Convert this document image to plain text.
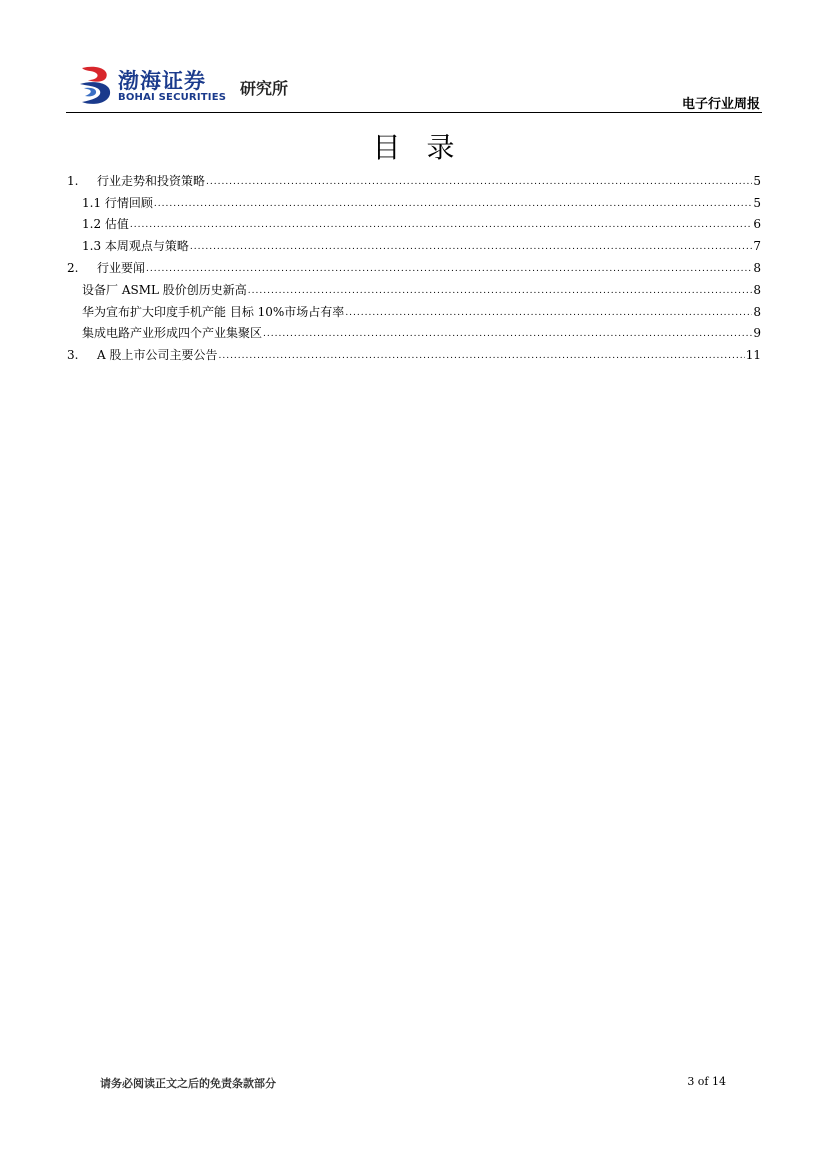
渤海证券
BOHAI SECURITIES 研究所
电子行业周报
目录
1.	行业走势和投资策略 .....	5
1.1 行情回顾 .....	5
1.2 估值 .....	6
1.3 本周观点与策略 .....	7
2.	行业要闻 .....	8
设备厂 ASML 股价创历史新高 .....	8
华为宣布扩大印度手机产能 目标 10%市场占有率 .....	8
集成电路产业形成四个产业集聚区 .....	9
3.	A 股上市公司主要公告 .....	11
请务必阅读正文之后的免责条款部分	3 of 14
